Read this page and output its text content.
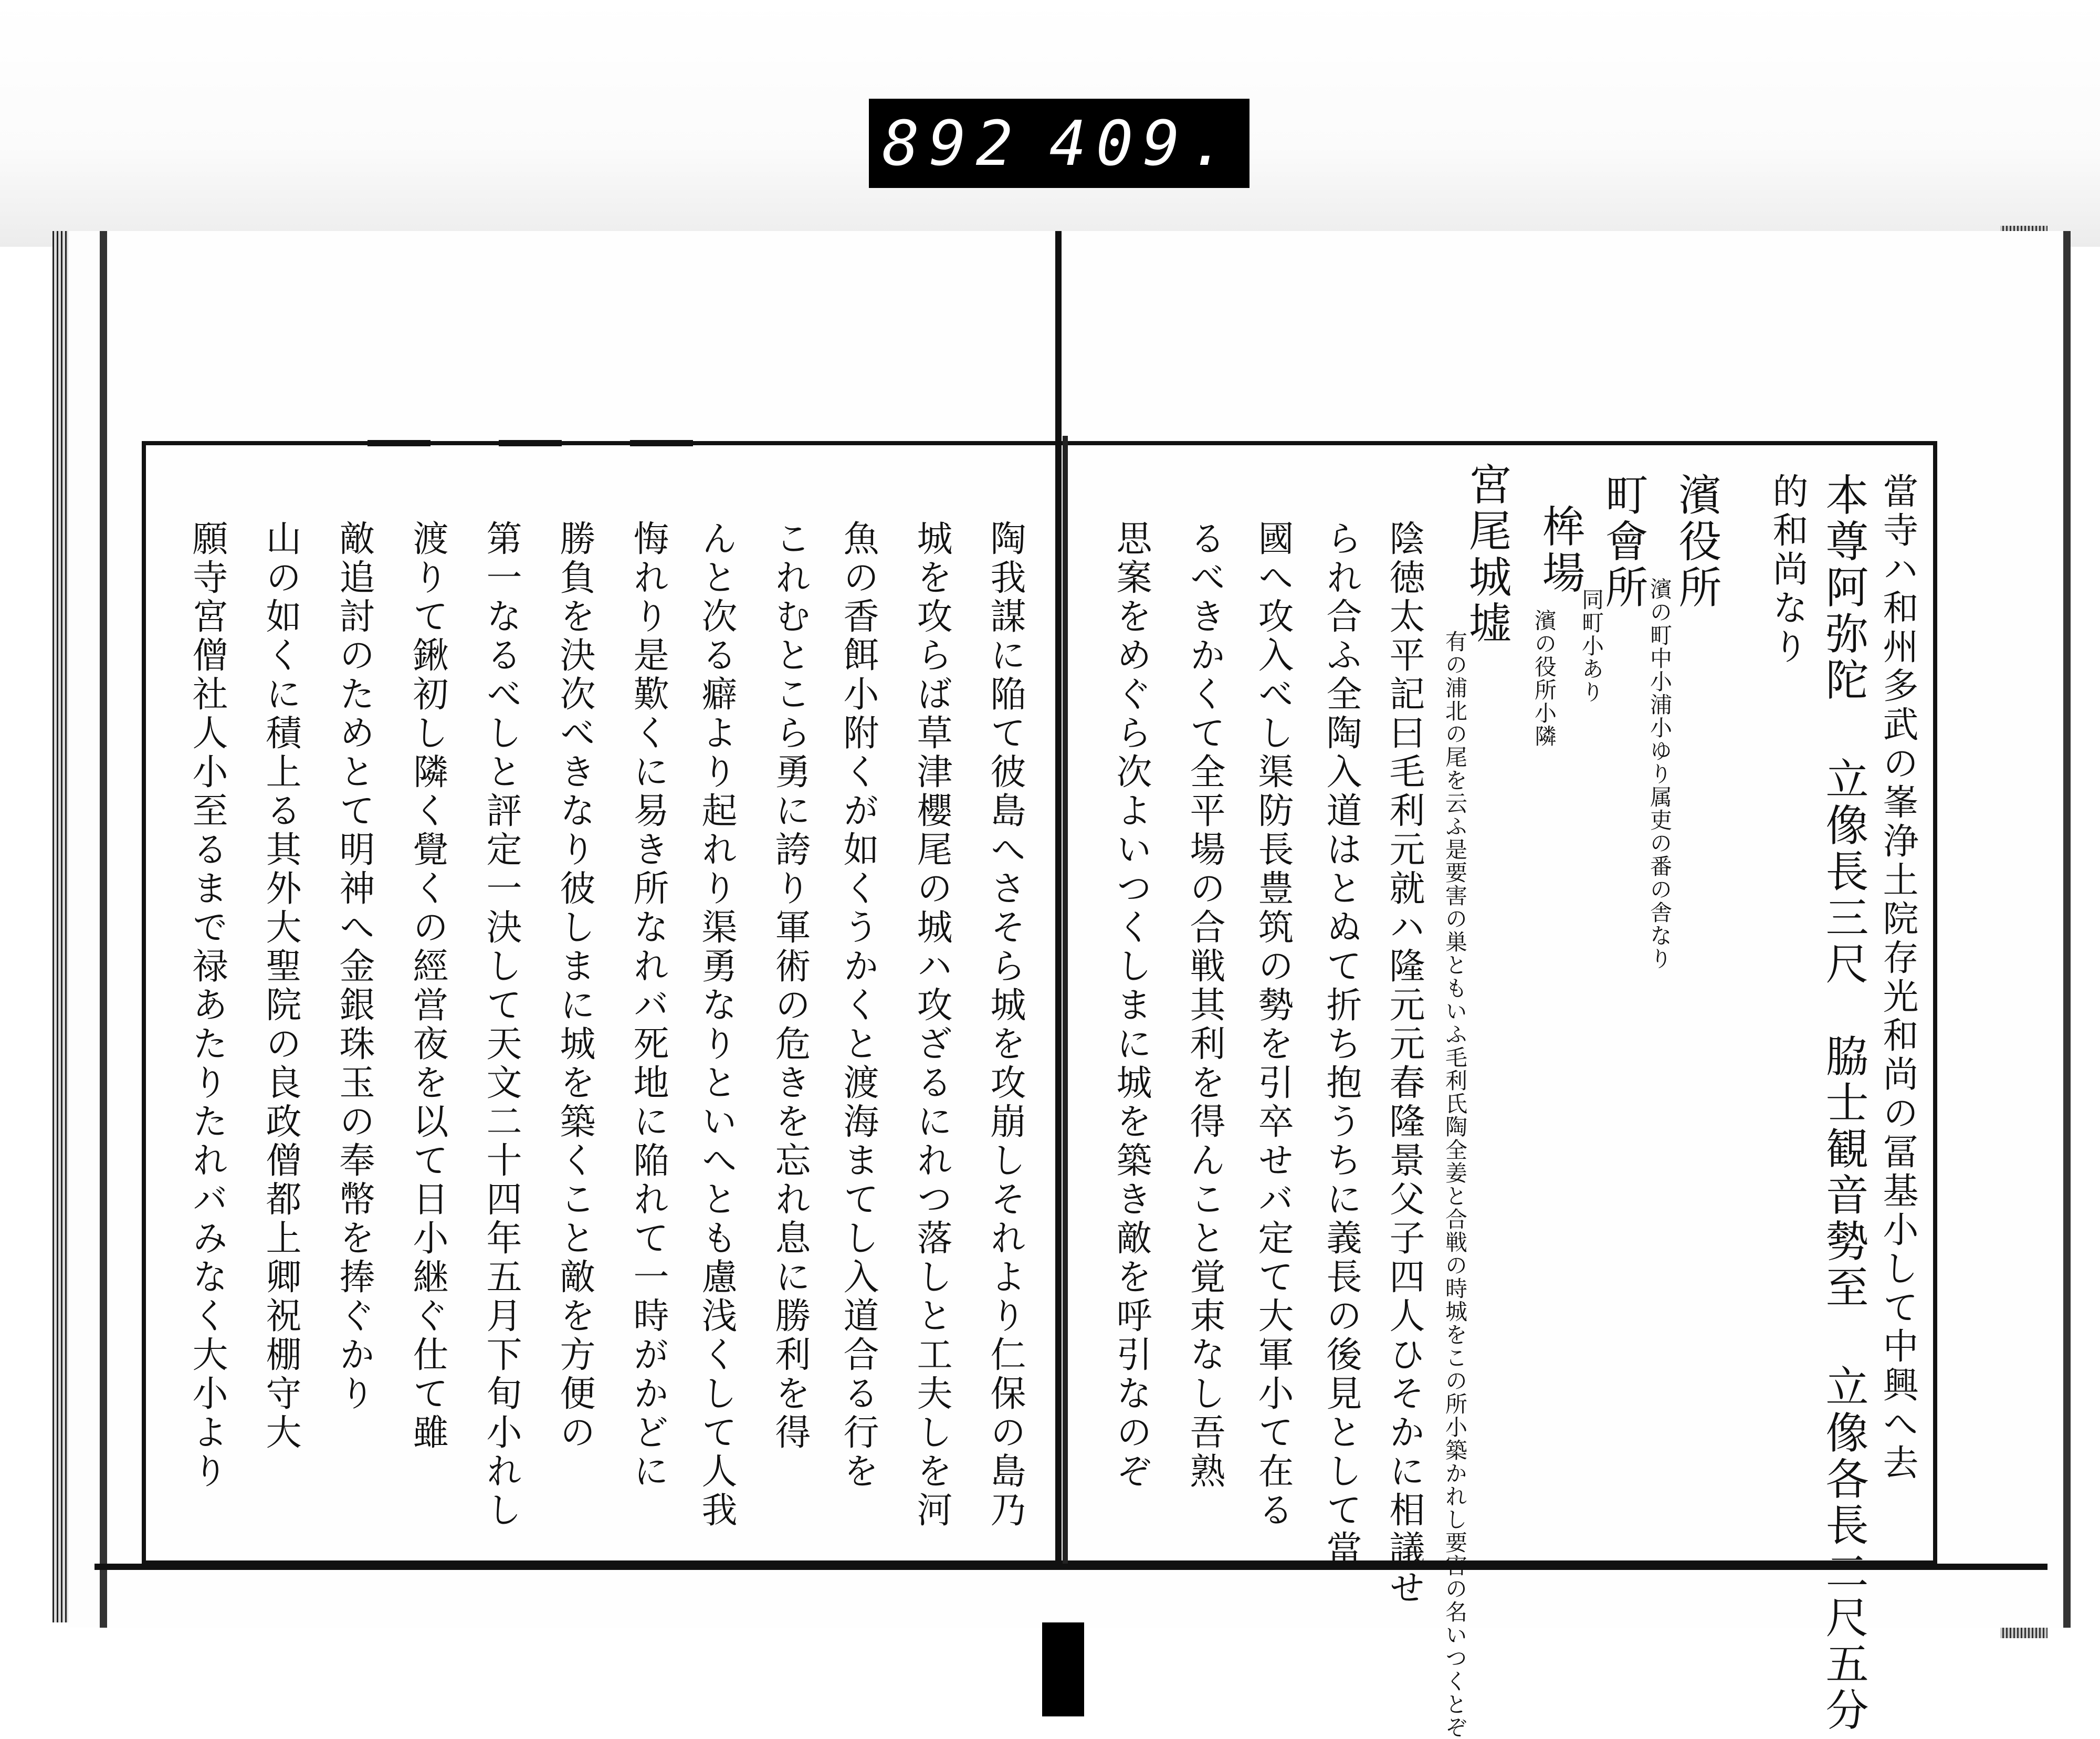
892 409.
當寺ハ和州多武の峯浄土院存光和尚の冨基小して中興へ去
本尊阿弥陀 立像長三尺　脇士観音勢至 立像各長二尺五分
的和尚なり
濱役所
濱の町中小浦小ゆり属吏の番の舎なり
町會所
同町小あり
桙場
濱の役所小隣
宮尾城墟
有の浦北の尾を云ふ是要害の巣ともいふ毛利氏陶全姜と合戦の時城をこの所小築かれし要害の名いつくとぞ
陰徳太平記曰毛利元就ハ隆元元春隆景父子四人ひそかに相議せ
られ合ふ全陶入道はとぬて折ち抱うちに義長の後見として當
國へ攻入べし渠防長豊筑の勢を引卒せバ定て大軍小て在る
るべきかくて全平場の合戦其利を得んこと覚束なし吾熟
思案をめぐら次よいつくしまに城を築き敵を呼引なのぞ
陶我謀に陥て彼島へさそら城を攻崩しそれより仁保の島乃
城を攻らば草津櫻尾の城ハ攻ざるにれつ落しと工夫しを河
魚の香餌小附くが如くうかくと渡海まてし入道合る行を
これむとこら勇に誇り軍術の危きを忘れ息に勝利を得
んと次る癖より起れり渠勇なりといへとも慮浅くして人我
悔れり是歎くに易き所なれバ死地に陥れて一時がかどに
勝負を決次べきなり彼しまに城を築くこと敵を方便の
第一なるべしと評定一決して天文二十四年五月下旬小れし
渡りて鍬初し隣く覺くの經営夜を以て日小継ぐ仕て雖
敵追討のためとて明神へ金銀珠玉の奉幣を捧ぐかり
山の如くに積上る其外大聖院の良政僧都上卿祝棚守大
願寺宮僧社人小至るまで禄あたりたれバみなく大小より
